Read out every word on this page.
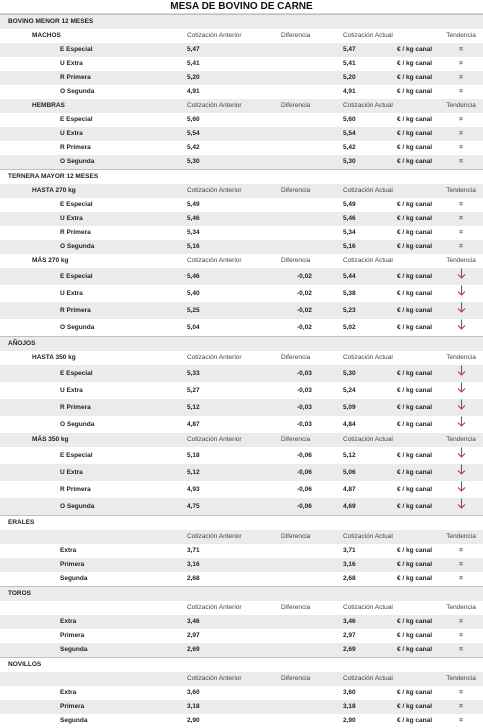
MESA DE BOVINO DE CARNE
BOVINO MENOR 12 MESES					
MACHOS	Cotización Anterior	Diferencia	Cotización Actual		Tendencia
E Especial	5,47		5,47	€ / kg canal	=
U Extra	5,41		5,41	€ / kg canal	=
R Primera	5,20		5,20	€ / kg canal	=
O Segunda	4,91		4,91	€ / kg canal	=
HEMBRAS	Cotización Anterior	Diferencia	Cotización Actual		Tendencia
E Especial	5,60		5,60	€ / kg canal	=
U Extra	5,54		5,54	€ / kg canal	=
R Primera	5,42		5,42	€ / kg canal	=
O Segunda	5,30		5,30	€ / kg canal	=
TERNERA MAYOR 12 MESES					
HASTA 270 kg	Cotización Anterior	Diferencia	Cotización Actual		Tendencia
E Especial	5,49		5,49	€ / kg canal	=
U Extra	5,46		5,46	€ / kg canal	=
R Primera	5,34		5,34	€ / kg canal	=
O Segunda	5,16		5,16	€ / kg canal	=
MÁS 270 kg	Cotización Anterior	Diferencia	Cotización Actual		Tendencia
E Especial	5,46	-0,02	5,44	€ / kg canal	
U Extra	5,40	-0,02	5,38	€ / kg canal	
R Primera	5,25	-0,02	5,23	€ / kg canal	
O Segunda	5,04	-0,02	5,02	€ / kg canal	
AÑOJOS					
HASTA 350 kg	Cotización Anterior	Diferencia	Cotización Actual		Tendencia
E Especial	5,33	-0,03	5,30	€ / kg canal	
U Extra	5,27	-0,03	5,24	€ / kg canal	
R Primera	5,12	-0,03	5,09	€ / kg canal	
O Segunda	4,87	-0,03	4,84	€ / kg canal	
MÁS 350 kg	Cotización Anterior	Diferencia	Cotización Actual		Tendencia
E Especial	5,18	-0,06	5,12	€ / kg canal	
U Extra	5,12	-0,06	5,06	€ / kg canal	
R Primera	4,93	-0,06	4,87	€ / kg canal	
O Segunda	4,75	-0,06	4,69	€ / kg canal	
ERALES					
	Cotización Anterior	Diferencia	Cotización Actual		Tendencia
Extra	3,71		3,71	€ / kg canal	=
Primera	3,16		3,16	€ / kg canal	=
Segunda	2,68		2,68	€ / kg canal	=
TOROS					
	Cotización Anterior	Diferencia	Cotización Actual		Tendencia
Extra	3,46		3,46	€ / kg canal	=
Primera	2,97		2,97	€ / kg canal	=
Segunda	2,69		2,69	€ / kg canal	=
NOVILLOS					
	Cotización Anterior	Diferencia	Cotización Actual		Tendencia
Extra	3,60		3,60	€ / kg canal	=
Primera	3,18		3,18	€ / kg canal	=
Segunda	2,90		2,90	€ / kg canal	=
